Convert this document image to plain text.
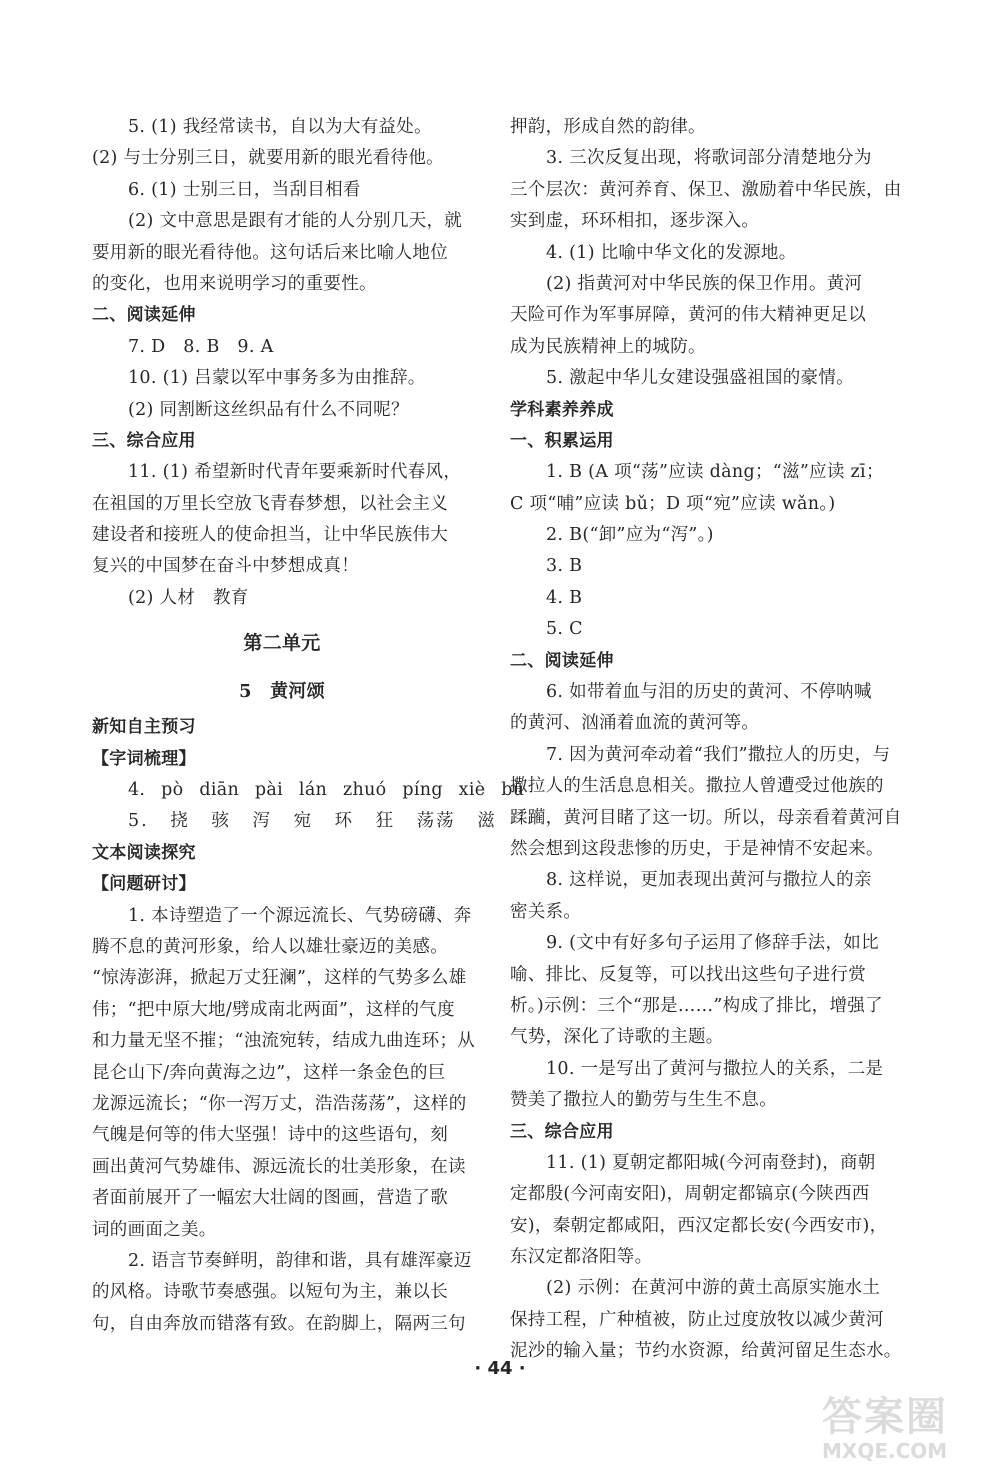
5. (1) 我经常读书，自以为大有益处。
(2) 与士分别三日，就要用新的眼光看待他。
6. (1) 士别三日，当刮目相看
(2) 文中意思是跟有才能的人分别几天，就
要用新的眼光看待他。这句话后来比喻人地位
的变化，也用来说明学习的重要性。
二、阅读延伸
7. D　8. B　9. A
10. (1) 吕蒙以军中事务多为由推辞。
(2) 同割断这丝织品有什么不同呢？
三、综合应用
11. (1) 希望新时代青年要乘新时代春风，
在祖国的万里长空放飞青春梦想，以社会主义
建设者和接班人的使命担当，让中华民族伟大
复兴的中国梦在奋斗中梦想成真！
(2) 人材　教育
第二单元
5　黄河颂
新知自主预习
【字词梳理】
4. pò diān pài lán zhuó píng xiè bǔ
5. 挠 骇 泻 宛 环 狂 荡荡 滋
文本阅读探究
【问题研讨】
1. 本诗塑造了一个源远流长、气势磅礴、奔
腾不息的黄河形象，给人以雄壮豪迈的美感。
“惊涛澎湃，掀起万丈狂澜”，这样的气势多么雄
伟；“把中原大地/劈成南北两面”，这样的气度
和力量无坚不摧；“浊流宛转，结成九曲连环；从
昆仑山下/奔向黄海之边”，这样一条金色的巨
龙源远流长；“你一泻万丈，浩浩荡荡”，这样的
气魄是何等的伟大坚强！诗中的这些语句，刻
画出黄河气势雄伟、源远流长的壮美形象，在读
者面前展开了一幅宏大壮阔的图画，营造了歌
词的画面之美。
2. 语言节奏鲜明，韵律和谐，具有雄浑豪迈
的风格。诗歌节奏感强。以短句为主，兼以长
句，自由奔放而错落有致。在韵脚上，隔两三句
押韵，形成自然的韵律。
3. 三次反复出现，将歌词部分清楚地分为
三个层次：黄河养育、保卫、激励着中华民族，由
实到虚，环环相扣，逐步深入。
4. (1) 比喻中华文化的发源地。
(2) 指黄河对中华民族的保卫作用。黄河
天险可作为军事屏障，黄河的伟大精神更足以
成为民族精神上的城防。
5. 激起中华儿女建设强盛祖国的豪情。
学科素养养成
一、积累运用
1. B (A 项“荡”应读 dàng；“滋”应读 zī；
C 项“哺”应读 bǔ；D 项“宛”应读 wǎn。)
2. B(“卸”应为“泻”。)
3. B
4. B
5. C
二、阅读延伸
6. 如带着血与泪的历史的黄河、不停呐喊
的黄河、汹涌着血流的黄河等。
7. 因为黄河牵动着“我们”撒拉人的历史，与
撒拉人的生活息息相关。撒拉人曾遭受过他族的
蹂躏，黄河目睹了这一切。所以，母亲看着黄河自
然会想到这段悲惨的历史，于是神情不安起来。
8. 这样说，更加表现出黄河与撒拉人的亲
密关系。
9. (文中有好多句子运用了修辞手法，如比
喻、排比、反复等，可以找出这些句子进行赏
析。)示例：三个“那是……”构成了排比，增强了
气势，深化了诗歌的主题。
10. 一是写出了黄河与撒拉人的关系，二是
赞美了撒拉人的勤劳与生生不息。
三、综合应用
11. (1) 夏朝定都阳城(今河南登封)，商朝
定都殷(今河南安阳)，周朝定都镐京(今陕西西
安)，秦朝定都咸阳，西汉定都长安(今西安市)，
东汉定都洛阳等。
(2) 示例：在黄河中游的黄土高原实施水土
保持工程，广种植被，防止过度放牧以减少黄河
泥沙的输入量；节约水资源，给黄河留足生态水。
· 44 ·
答案圈
MXQE.COM
